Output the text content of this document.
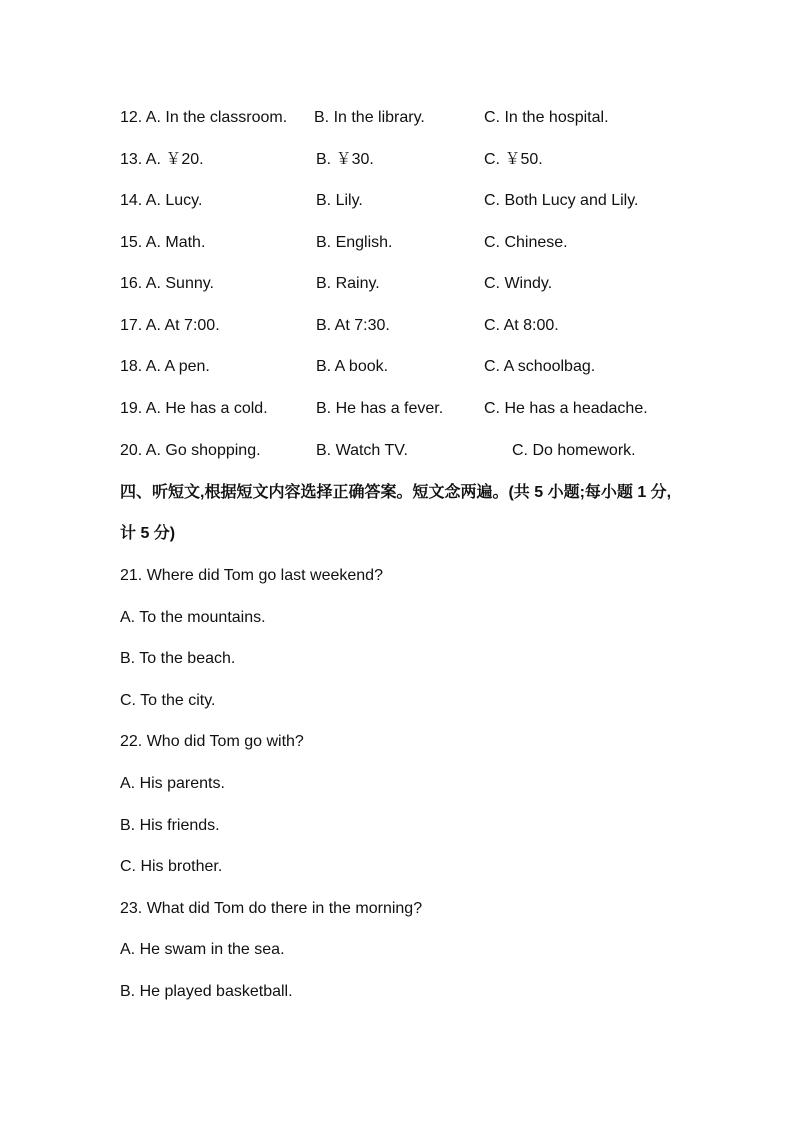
12. A. In the classroom. B. In the library.	C. In the hospital.
13. A. ￥20.	B. ￥30.	C. ￥50.
14. A. Lucy.	B. Lily.	C. Both Lucy and Lily.
15. A. Math.	B. English.	C. Chinese.
16. A. Sunny.	B. Rainy.	C. Windy.
17. A. At 7:00.	B. At 7:30.	C. At 8:00.
18. A. A pen.	B. A book.	C. A schoolbag.
19. A. He has a cold.	B. He has a fever.	C. He has a headache.
20. A. Go shopping.	B. Watch TV.	C. Do homework.
四、听短文,根据短文内容选择正确答案。短文念两遍。(共 5 小题;每小题 1 分,
计 5 分)
21. Where did Tom go last weekend?
A. To the mountains.
B. To the beach.
C. To the city.
22. Who did Tom go with?
A. His parents.
B. His friends.
C. His brother.
23. What did Tom do there in the morning?
A. He swam in the sea.
B. He played basketball.
